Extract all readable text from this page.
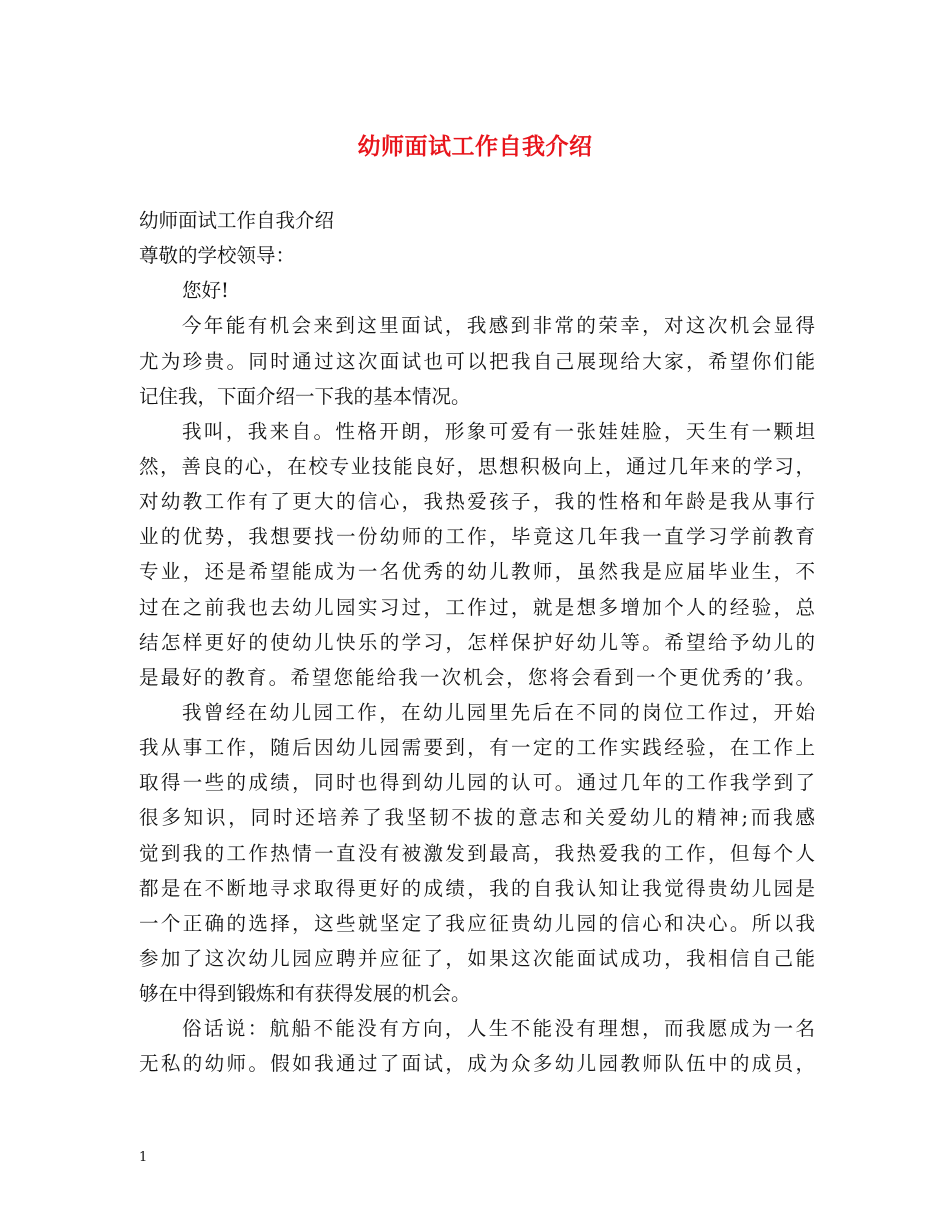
幼师面试工作自我介绍
幼师面试工作自我介绍
尊敬的学校领导：
您好!
今年能有机会来到这里面试，我感到非常的荣幸，对这次机会显得
尤为珍贵。同时通过这次面试也可以把我自己展现给大家，希望你们能
记住我，下面介绍一下我的基本情况。
我叫，我来自。性格开朗，形象可爱有一张娃娃脸，天生有一颗坦
然，善良的心，在校专业技能良好，思想积极向上，通过几年来的学习，
对幼教工作有了更大的信心，我热爱孩子，我的性格和年龄是我从事行
业的优势，我想要找一份幼师的工作，毕竟这几年我一直学习学前教育
专业，还是希望能成为一名优秀的幼儿教师，虽然我是应届毕业生，不
过在之前我也去幼儿园实习过，工作过，就是想多增加个人的经验，总
结怎样更好的使幼儿快乐的学习，怎样保护好幼儿等。希望给予幼儿的
是最好的教育。希望您能给我一次机会，您将会看到一个更优秀的’我。
我曾经在幼儿园工作，在幼儿园里先后在不同的岗位工作过，开始
我从事工作，随后因幼儿园需要到，有一定的工作实践经验，在工作上
取得一些的成绩，同时也得到幼儿园的认可。通过几年的工作我学到了
很多知识，同时还培养了我坚韧不拔的意志和关爱幼儿的精神;而我感
觉到我的工作热情一直没有被激发到最高，我热爱我的工作，但每个人
都是在不断地寻求取得更好的成绩，我的自我认知让我觉得贵幼儿园是
一个正确的选择，这些就坚定了我应征贵幼儿园的信心和决心。所以我
参加了这次幼儿园应聘并应征了，如果这次能面试成功，我相信自己能
够在中得到锻炼和有获得发展的机会。
俗话说：航船不能没有方向，人生不能没有理想，而我愿成为一名
无私的幼师。假如我通过了面试，成为众多幼儿园教师队伍中的成员，
1
